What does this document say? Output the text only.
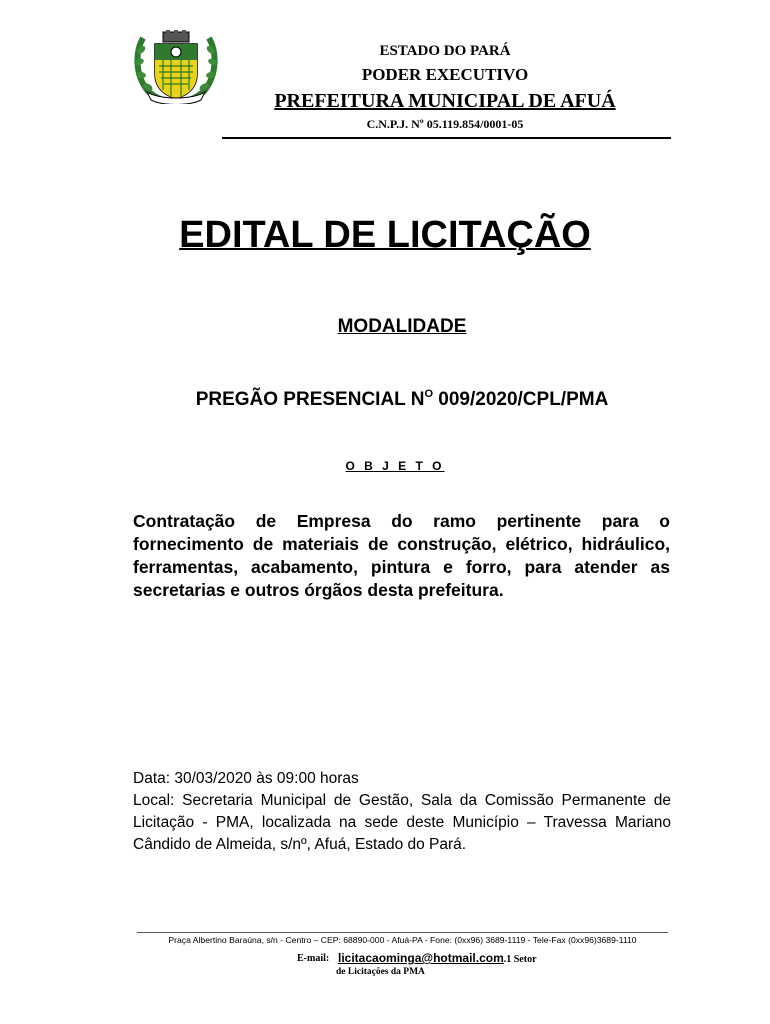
ESTADO DO PARÁ
PODER EXECUTIVO
PREFEITURA MUNICIPAL DE AFUÁ
C.N.P.J. Nº 05.119.854/0001-05
EDITAL DE LICITAÇÃO
MODALIDADE
PREGÃO PRESENCIAL $N^O$ 009/2020/CPL/PMA
O B J E T O
Contratação de Empresa do ramo pertinente para o fornecimento de materiais de construção, elétrico, hidráulico, ferramentas, acabamento, pintura e forro, para atender as secretarias e outros órgãos desta prefeitura.
Data: 30/03/2020 às 09:00 horas
Local: Secretaria Municipal de Gestão, Sala da Comissão Permanente de Licitação - PMA, localizada na sede deste Município – Travessa Mariano Cândido de Almeida, s/nº, Afuá, Estado do Pará.
Praça Albertino Baraúna, s/n - Centro – CEP: 68890-000 - Afuá-PA - Fone: (0xx96) 3689-1119 - Tele-Fax (0xx96)3689-1110
E-mail: licitacaominga@hotmail.com.1 Setor
de Licitações da PMA
